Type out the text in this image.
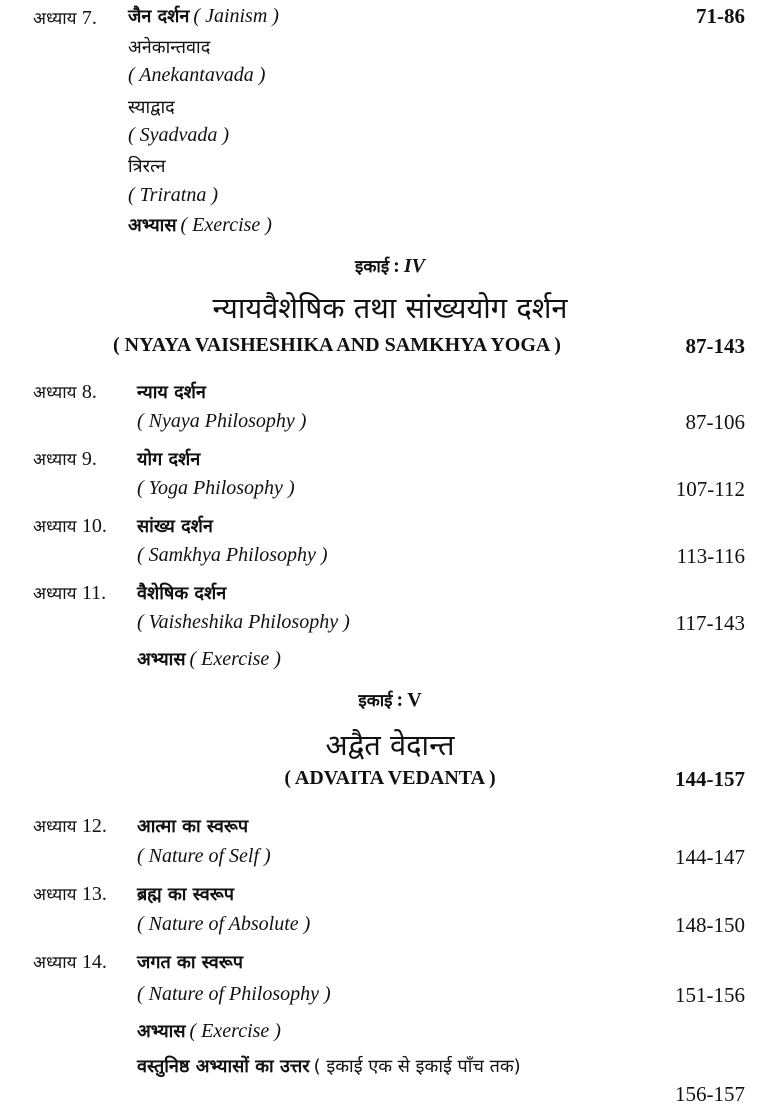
अध्याय 7. जैन दर्शन ( Jainism )	71-86
अनेकान्तवाद
( Anekantavada )
स्याद्वाद
( Syadvada )
त्रिरत्न
( Triratna )
अभ्यास ( Exercise )
इकाई : IV
न्यायवैशेषिक तथा सांख्ययोग दर्शन
( NYAYA VAISHESHIKA AND SAMKHYA YOGA )	87-143
अध्याय 8. न्याय दर्शन
( Nyaya Philosophy )	87-106
अध्याय 9. योग दर्शन
( Yoga Philosophy )	107-112
अध्याय 10. सांख्य दर्शन
( Samkhya Philosophy )	113-116
अध्याय 11. वैशेषिक दर्शन
( Vaisheshika Philosophy )	117-143
अभ्यास ( Exercise )
इकाई : V
अद्वैत वेदान्त
( ADVAITA VEDANTA )	144-157
अध्याय 12. आत्मा का स्वरूप
( Nature of Self )	144-147
अध्याय 13. ब्रह्म का स्वरूप
( Nature of Absolute )	148-150
अध्याय 14. जगत का स्वरूप
( Nature of Philosophy )	151-156
अभ्यास ( Exercise )
वस्तुनिष्ठ अभ्यासों का उत्तर ( इकाई एक से इकाई पाँच तक)
156-157
